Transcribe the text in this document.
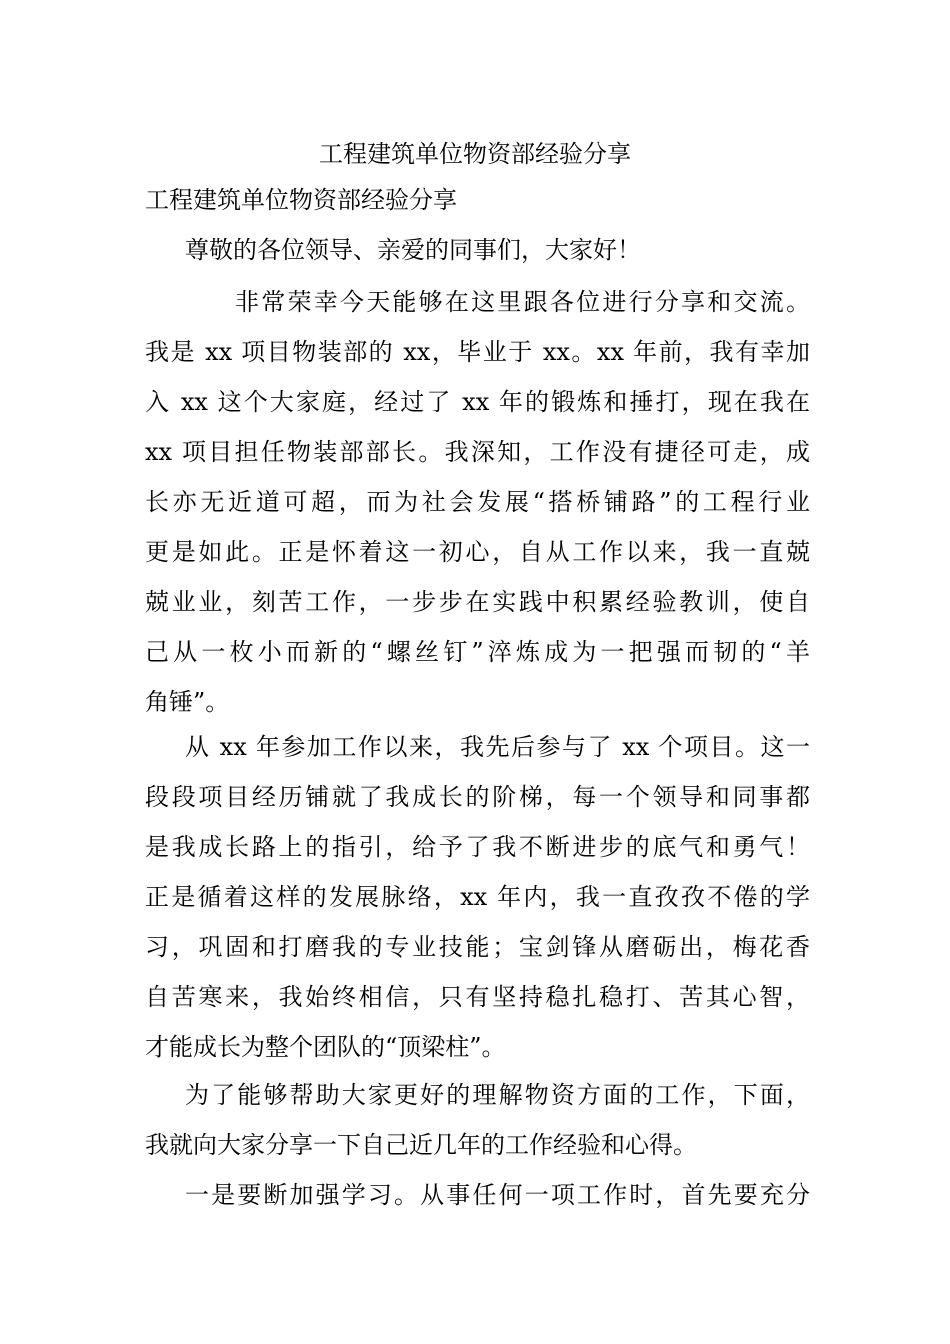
工程建筑单位物资部经验分享
工程建筑单位物资部经验分享
尊敬的各位领导、亲爱的同事们，大家好！
非常荣幸今天能够在这里跟各位进行分享和交流。
我是 xx 项目物装部的 xx，毕业于 xx。xx 年前，我有幸加
入 xx 这个大家庭，经过了 xx 年的锻炼和捶打，现在我在
xx 项目担任物装部部长。我深知，工作没有捷径可走，成
长亦无近道可超，而为社会发展“搭桥铺路”的工程行业
更是如此。正是怀着这一初心，自从工作以来，我一直兢
兢业业，刻苦工作，一步步在实践中积累经验教训，使自
己从一枚小而新的“螺丝钉”淬炼成为一把强而韧的“羊
角锤”。
从 xx 年参加工作以来，我先后参与了 xx 个项目。这一
段段项目经历铺就了我成长的阶梯，每一个领导和同事都
是我成长路上的指引，给予了我不断进步的底气和勇气！
正是循着这样的发展脉络，xx 年内，我一直孜孜不倦的学
习，巩固和打磨我的专业技能；宝剑锋从磨砺出，梅花香
自苦寒来，我始终相信，只有坚持稳扎稳打、苦其心智，
才能成长为整个团队的“顶梁柱”。
为了能够帮助大家更好的理解物资方面的工作，下面，
我就向大家分享一下自己近几年的工作经验和心得。
一是要断加强学习。从事任何一项工作时，首先要充分
